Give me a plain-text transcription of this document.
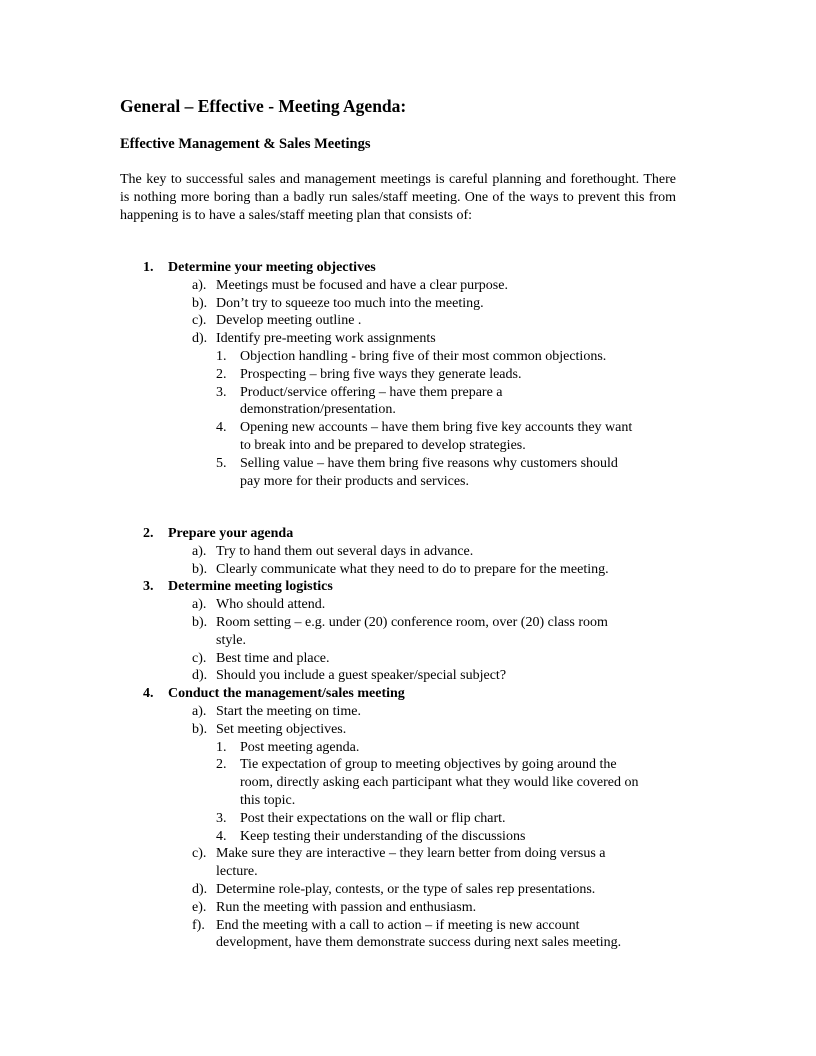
General – Effective - Meeting Agenda:
Effective Management & Sales Meetings

The key to successful sales and management meetings is careful planning and forethought. There is nothing more boring than a badly run sales/staff meeting. One of the ways to prevent this from happening is to have a sales/staff meeting plan that consists of:

1. Determine your meeting objectives
a). Meetings must be focused and have a clear purpose.
b). Don’t try to squeeze too much into the meeting.
c). Develop meeting outline .
d). Identify pre-meeting work assignments
1. Objection handling - bring five of their most common objections.
2. Prospecting – bring five ways they generate leads.
3. Product/service offering – have them prepare a
demonstration/presentation.
4. Opening new accounts – have them bring five key accounts they want
to break into and be prepared to develop strategies.
5. Selling value – have them bring five reasons why customers should
pay more for their products and services.
2. Prepare your agenda
a). Try to hand them out several days in advance.
b). Clearly communicate what they need to do to prepare for the meeting.
3. Determine meeting logistics
a). Who should attend.
b). Room setting – e.g. under (20) conference room, over (20) class room
style.
c). Best time and place.
d). Should you include a guest speaker/special subject?
4. Conduct the management/sales meeting
a). Start the meeting on time.
b). Set meeting objectives.
1. Post meeting agenda.
2. Tie expectation of group to meeting objectives by going around the
room, directly asking each participant what they would like covered on
this topic.
3. Post their expectations on the wall or flip chart.
4. Keep testing their understanding of the discussions
c). Make sure they are interactive – they learn better from doing versus a
lecture.
d). Determine role-play, contests, or the type of sales rep presentations.
e). Run the meeting with passion and enthusiasm.
f). End the meeting with a call to action – if meeting is new account
development, have them demonstrate success during next sales meeting.
